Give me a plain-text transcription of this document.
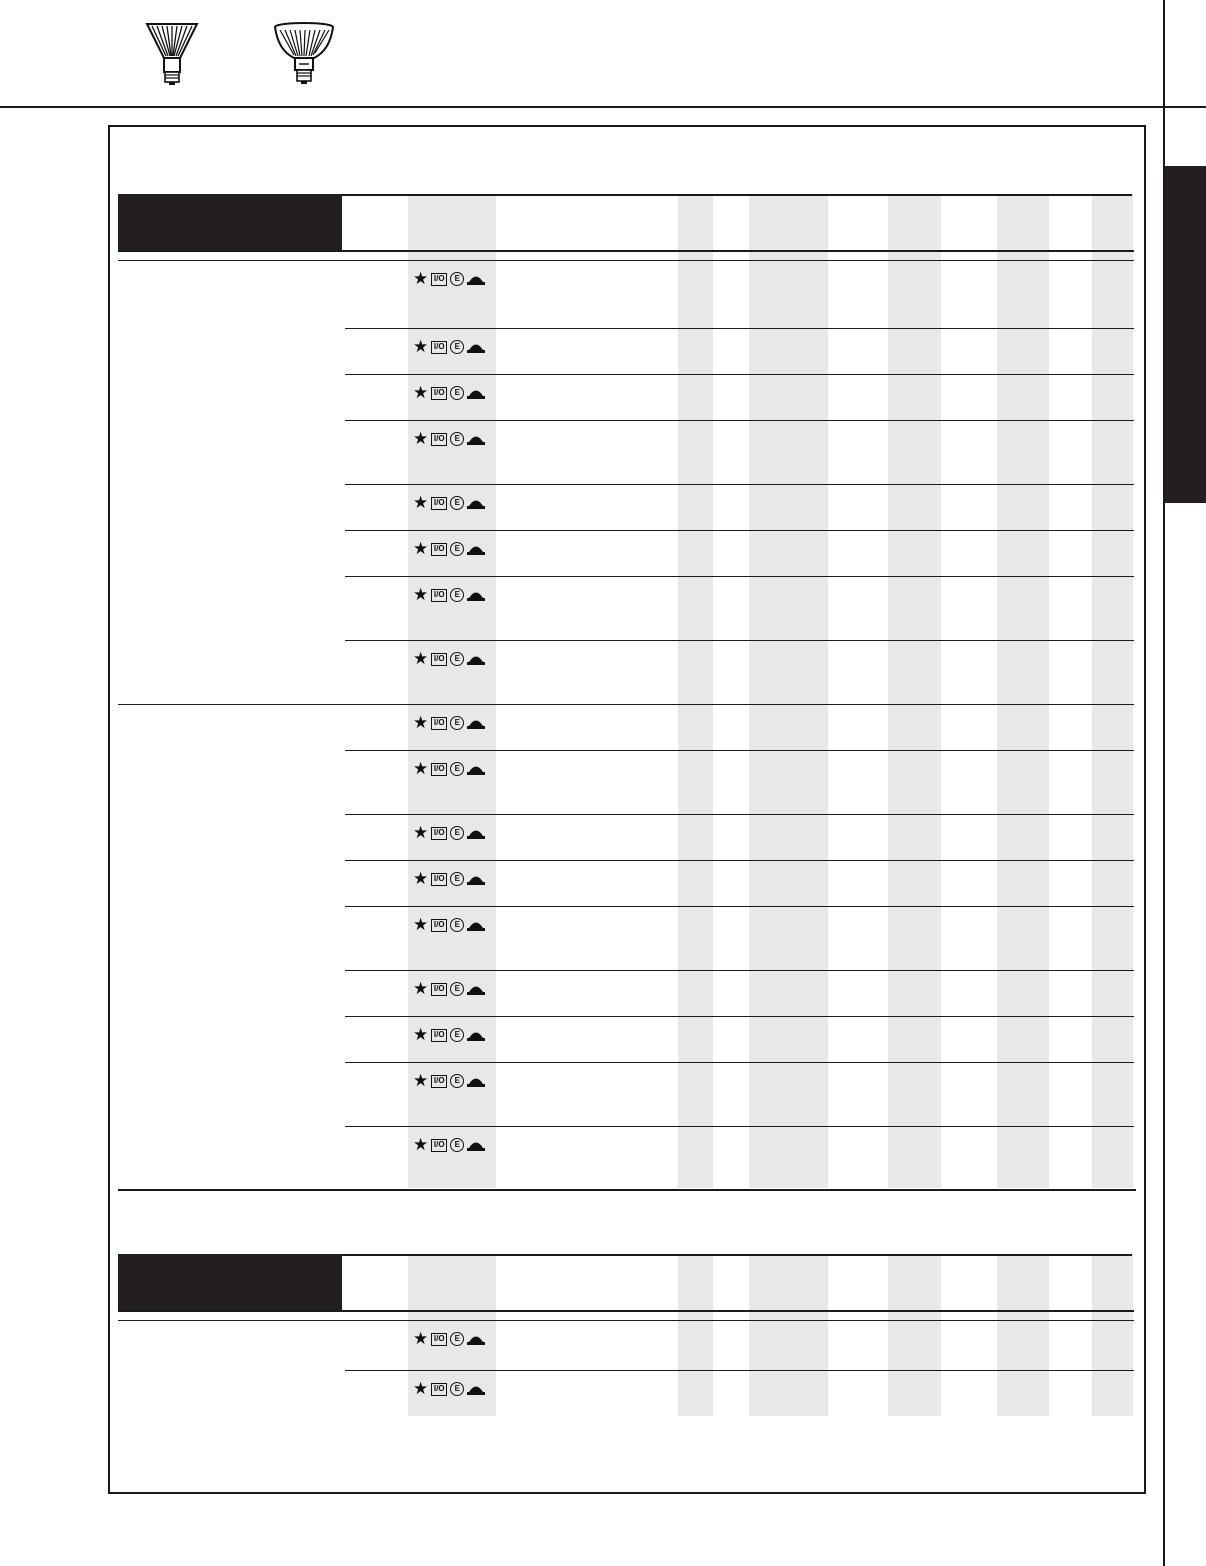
★ I/O	E
★ I/O	E
★ I/O	E
★ I/O	E
★ I/O	E
★ I/O	E
★ I/O	E
★ I/O	E
★ I/O	E
★ I/O	E
★ I/O	E
★ I/O	E
★ I/O	E
★ I/O	E
★ I/O	E
★ I/O	E
★ I/O	E
★ I/O	E
★ I/O	E
